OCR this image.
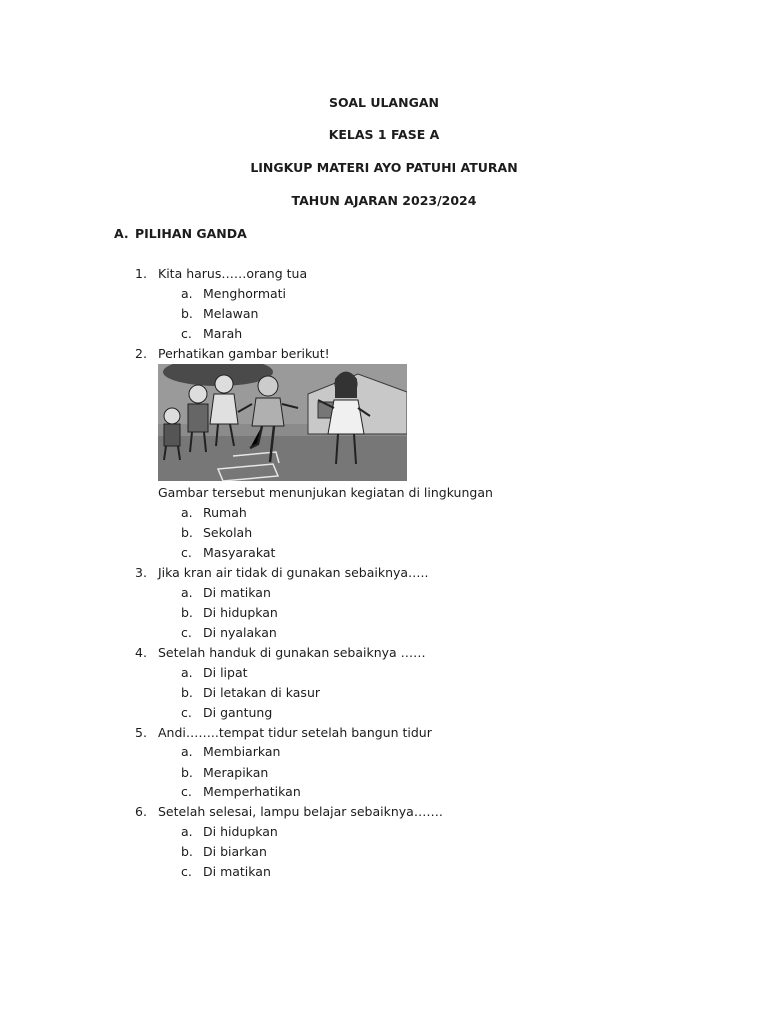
SOAL ULANGAN
KELAS 1 FASE A
LINGKUP MATERI AYO PATUHI ATURAN
TAHUN AJARAN 2023/2024
A. PILIHAN GANDA
1. Kita harus……orang tua
a. Menghormati
b. Melawan
c. Marah
2. Perhatikan gambar berikut!
Gambar tersebut menunjukan kegiatan di lingkungan
a. Rumah
b. Sekolah
c. Masyarakat
3. Jika kran air tidak di gunakan sebaiknya…..
a. Di matikan
b. Di hidupkan
c. Di nyalakan
4. Setelah handuk di gunakan sebaiknya ……
a. Di lipat
b. Di letakan di kasur
c. Di gantung
5. Andi……..tempat tidur setelah bangun tidur
a. Membiarkan
b. Merapikan
c. Memperhatikan
6. Setelah selesai, lampu belajar sebaiknya…….
a. Di hidupkan
b. Di biarkan
c. Di matikan
